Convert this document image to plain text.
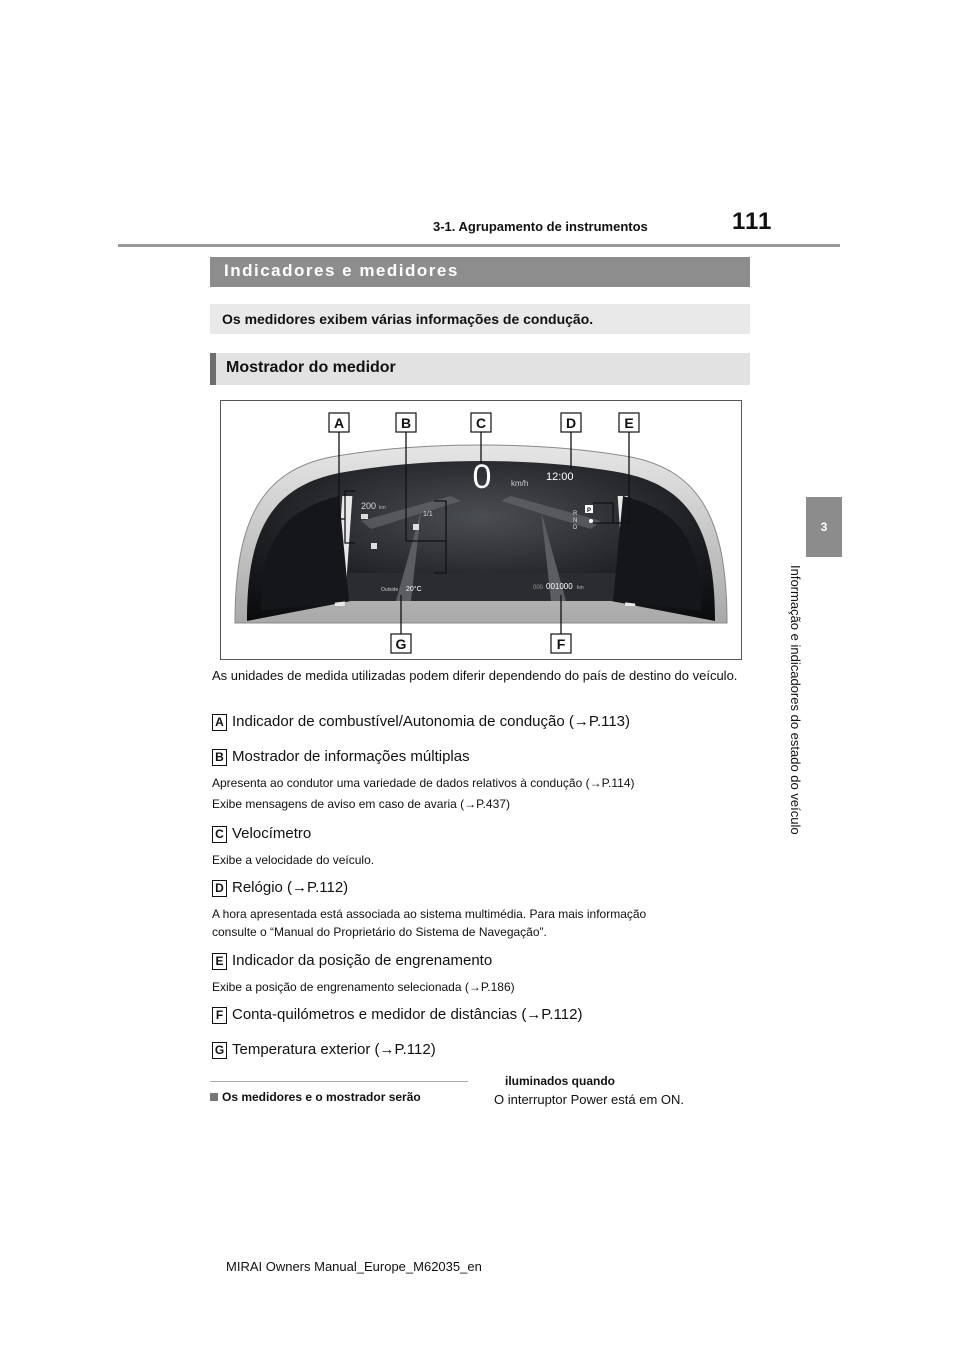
3-1. Agrupamento de instrumentos	111
3
Informação e indicadores do estado do veículo
Indicadores e medidores
Os medidores exibem várias informações de condução.
Mostrador do medidor
0 km/h
12:00
200 km
1/1
Outside 20°C	000 001000 km
R
N
D
P
A	B	C	D	E
F
G
As unidades de medida utilizadas podem diferir dependendo do país de destino do veículo.
A Indicador de combustível/Autonomia de condução (→P.113)
B Mostrador de informações múltiplas
Apresenta ao condutor uma variedade de dados relativos à condução (→P.114)
Exibe mensagens de aviso em caso de avaria (→P.437)
C Velocímetro
Exibe a velocidade do veículo.
D Relógio (→P.112)
A hora apresentada está associada ao sistema multimédia. Para mais informação
consulte o “Manual do Proprietário do Sistema de Navegação”.
E Indicador da posição de engrenamento
Exibe a posição de engrenamento selecionada (→P.186)
F Conta-quilómetros e medidor de distâncias (→P.112)
G Temperatura exterior (→P.112)
Os medidores e o mostrador serão
iluminados quando
O interruptor Power está em ON.
MIRAI Owners Manual_Europe_M62035_en
